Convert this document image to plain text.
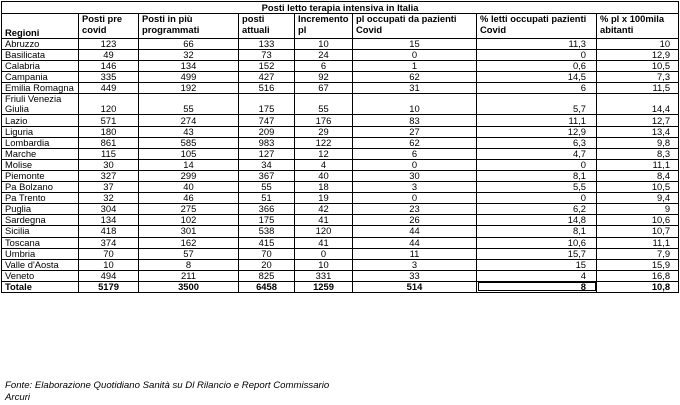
Posti letto terapia intensiva in Italia							
Regioni	Posti pre covid	Posti in più programmati	posti attuali	Incremento pl	pl occupati da pazienti Covid	% letti occupati pazienti Covid	% pl x 100mila abitanti
Abruzzo	123	66	133	10	15	11,3	10
Basilicata	49	32	73	24	0	0	12,9
Calabria	146	134	152	6	1	0,6	10,5
Campania	335	499	427	92	62	14,5	7,3
Emilia Romagna	449	192	516	67	31	6	11,5
Friuli Venezia Giulia	120	55	175	55	10	5,7	14,4
Lazio	571	274	747	176	83	11,1	12,7
Liguria	180	43	209	29	27	12,9	13,4
Lombardia	861	585	983	122	62	6,3	9,8
Marche	115	105	127	12	6	4,7	8,3
Molise	30	14	34	4	0	0	11,1
Piemonte	327	299	367	40	30	8,1	8,4
Pa Bolzano	37	40	55	18	3	5,5	10,5
Pa Trento	32	46	51	19	0	0	9,4
Puglia	304	275	366	42	23	6,2	9
Sardegna	134	102	175	41	26	14,8	10,6
Sicilia	418	301	538	120	44	8,1	10,7
Toscana	374	162	415	41	44	10,6	11,1
Umbria	70	57	70	0	11	15,7	7,9
Valle d'Aosta	10	8	20	10	3	15	15,9
Veneto	494	211	825	331	33	4	16,8
Totale	5179	3500	6458	1259	514	8	10,8
Fonte: Elaborazione Quotidiano Sanità su Dl Rilancio e Report Commissario
Arcuri
